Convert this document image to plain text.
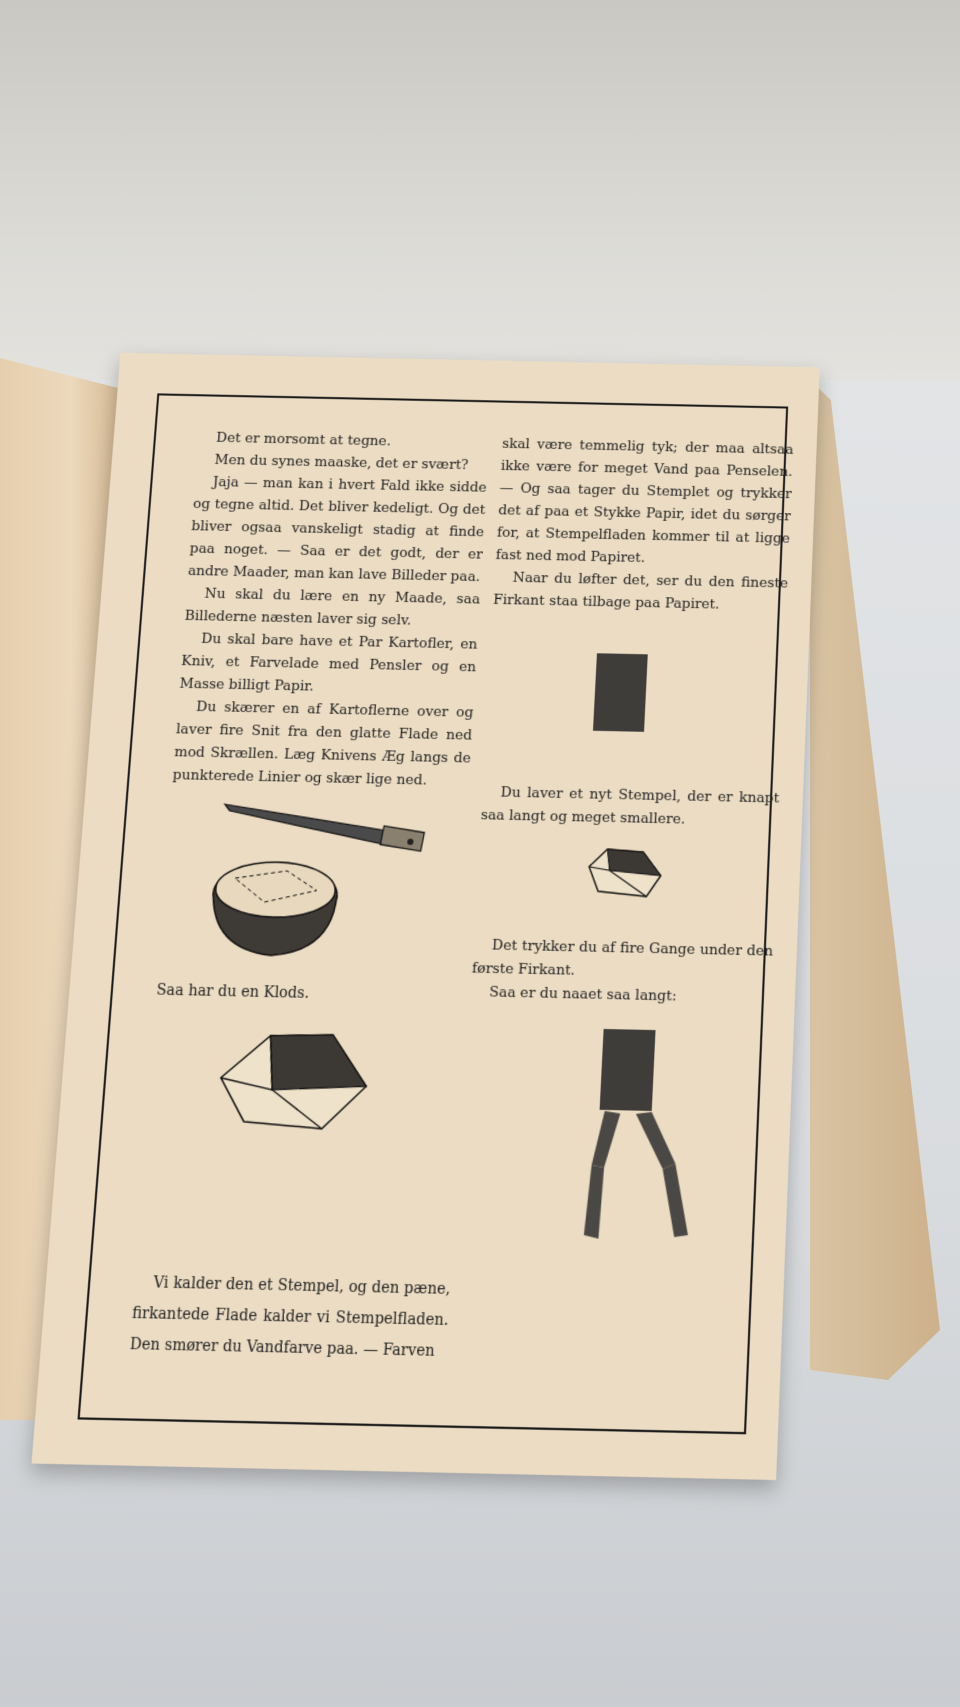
Det er morsomt at tegne.

Men du synes maaske, det er svært?

Jaja — man kan i hvert Fald ikke sidde og tegne altid. Det bliver kedeligt. Og det bliver ogsaa vanskeligt stadig at finde paa noget. — Saa er det godt, der er andre Maader, man kan lave Billeder paa.

Nu skal du lære en ny Maade, saa Billederne næsten laver sig selv.

Du skal bare have et Par Kartofler, en Kniv, et Farvelade med Pensler og en Masse billigt Papir.

Du skærer en af Kartoflerne over og laver fire Snit fra den glatte Flade ned mod Skrællen. Læg Knivens Æg langs de punkterede Linier og skær lige ned.

Saa har du en Klods.

Vi kalder den et Stempel, og den pæne, firkantede Flade kalder vi Stempelfladen. Den smører du Vandfarve paa. — Farven

skal være temmelig tyk; der maa altsaa ikke være for meget Vand paa Penselen. — Og saa tager du Stemplet og trykker det af paa et Stykke Papir, idet du sørger for, at Stempelfladen kommer til at ligge fast ned mod Papiret.

Naar du løfter det, ser du den fineste Firkant staa tilbage paa Papiret.

Du laver et nyt Stempel, der er knapt saa langt og meget smallere.

Det trykker du af fire Gange under den første Firkant.

Saa er du naaet saa langt:
